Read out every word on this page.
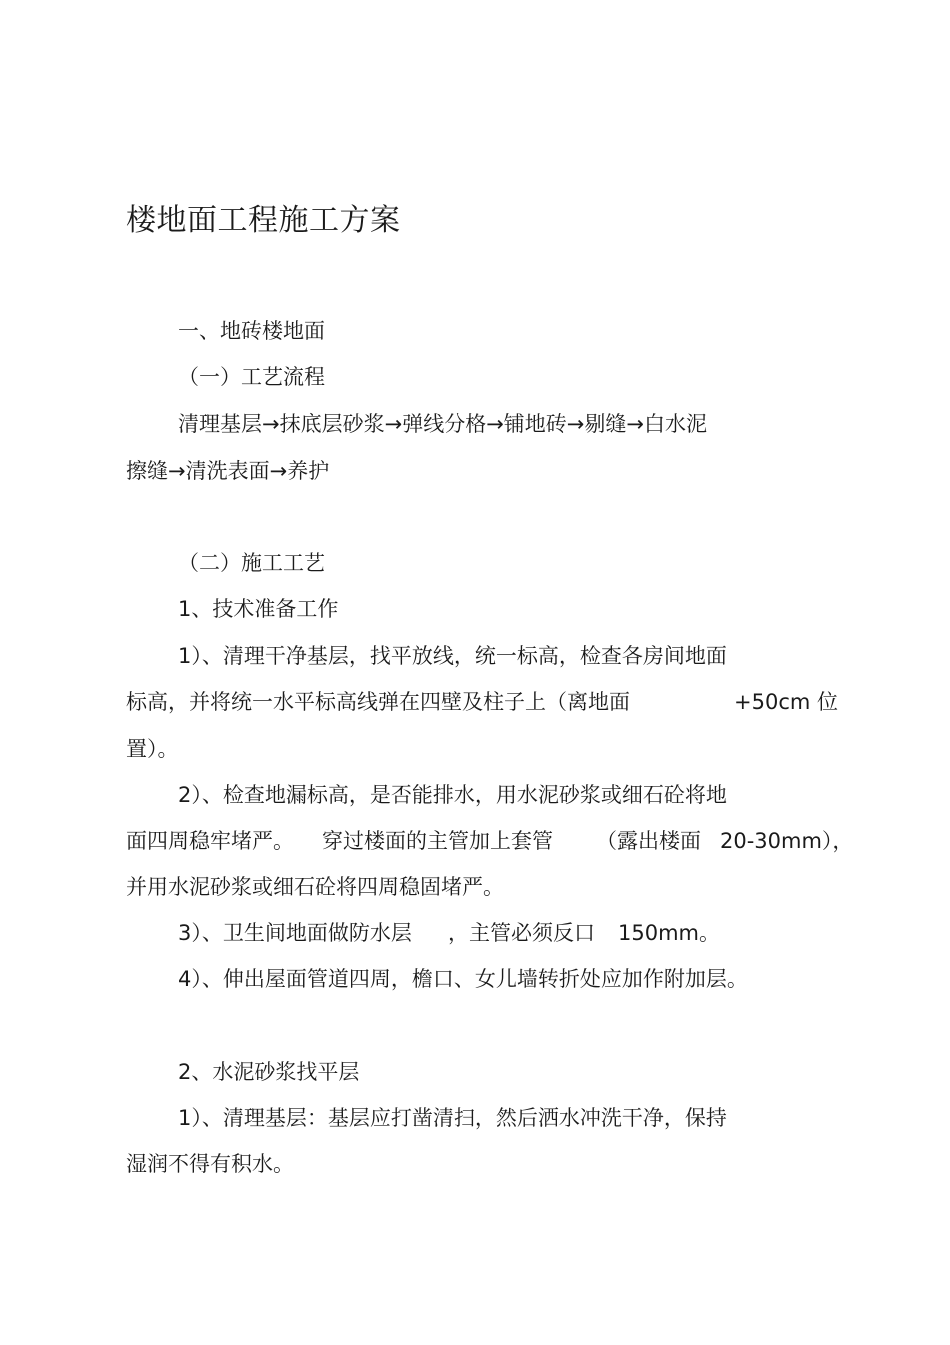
楼地面工程施工方案
一、地砖楼地面
（一）工艺流程
清理基层→抹底层砂浆→弹线分格→铺地砖→剔缝→白水泥
擦缝→清洗表面→养护
（二）施工工艺
1、技术准备工作
1）、清理干净基层，找平放线，统一标高，检查各房间地面
标高，并将统一水平标高线弹在四壁及柱子上（离地面	+50cm 位
置）。
2）、检查地漏标高，是否能排水，用水泥砂浆或细石砼将地
面四周稳牢堵严。 穿过楼面的主管加上套管 （露出楼面 20-30mm），
并用水泥砂浆或细石砼将四周稳固堵严。
3）、卫生间地面做防水层 ，主管必须反口 150mm。
4）、伸出屋面管道四周，檐口、女儿墙转折处应加作附加层。
2、水泥砂浆找平层
1）、清理基层：基层应打凿清扫，然后洒水冲洗干净，保持
湿润不得有积水。
